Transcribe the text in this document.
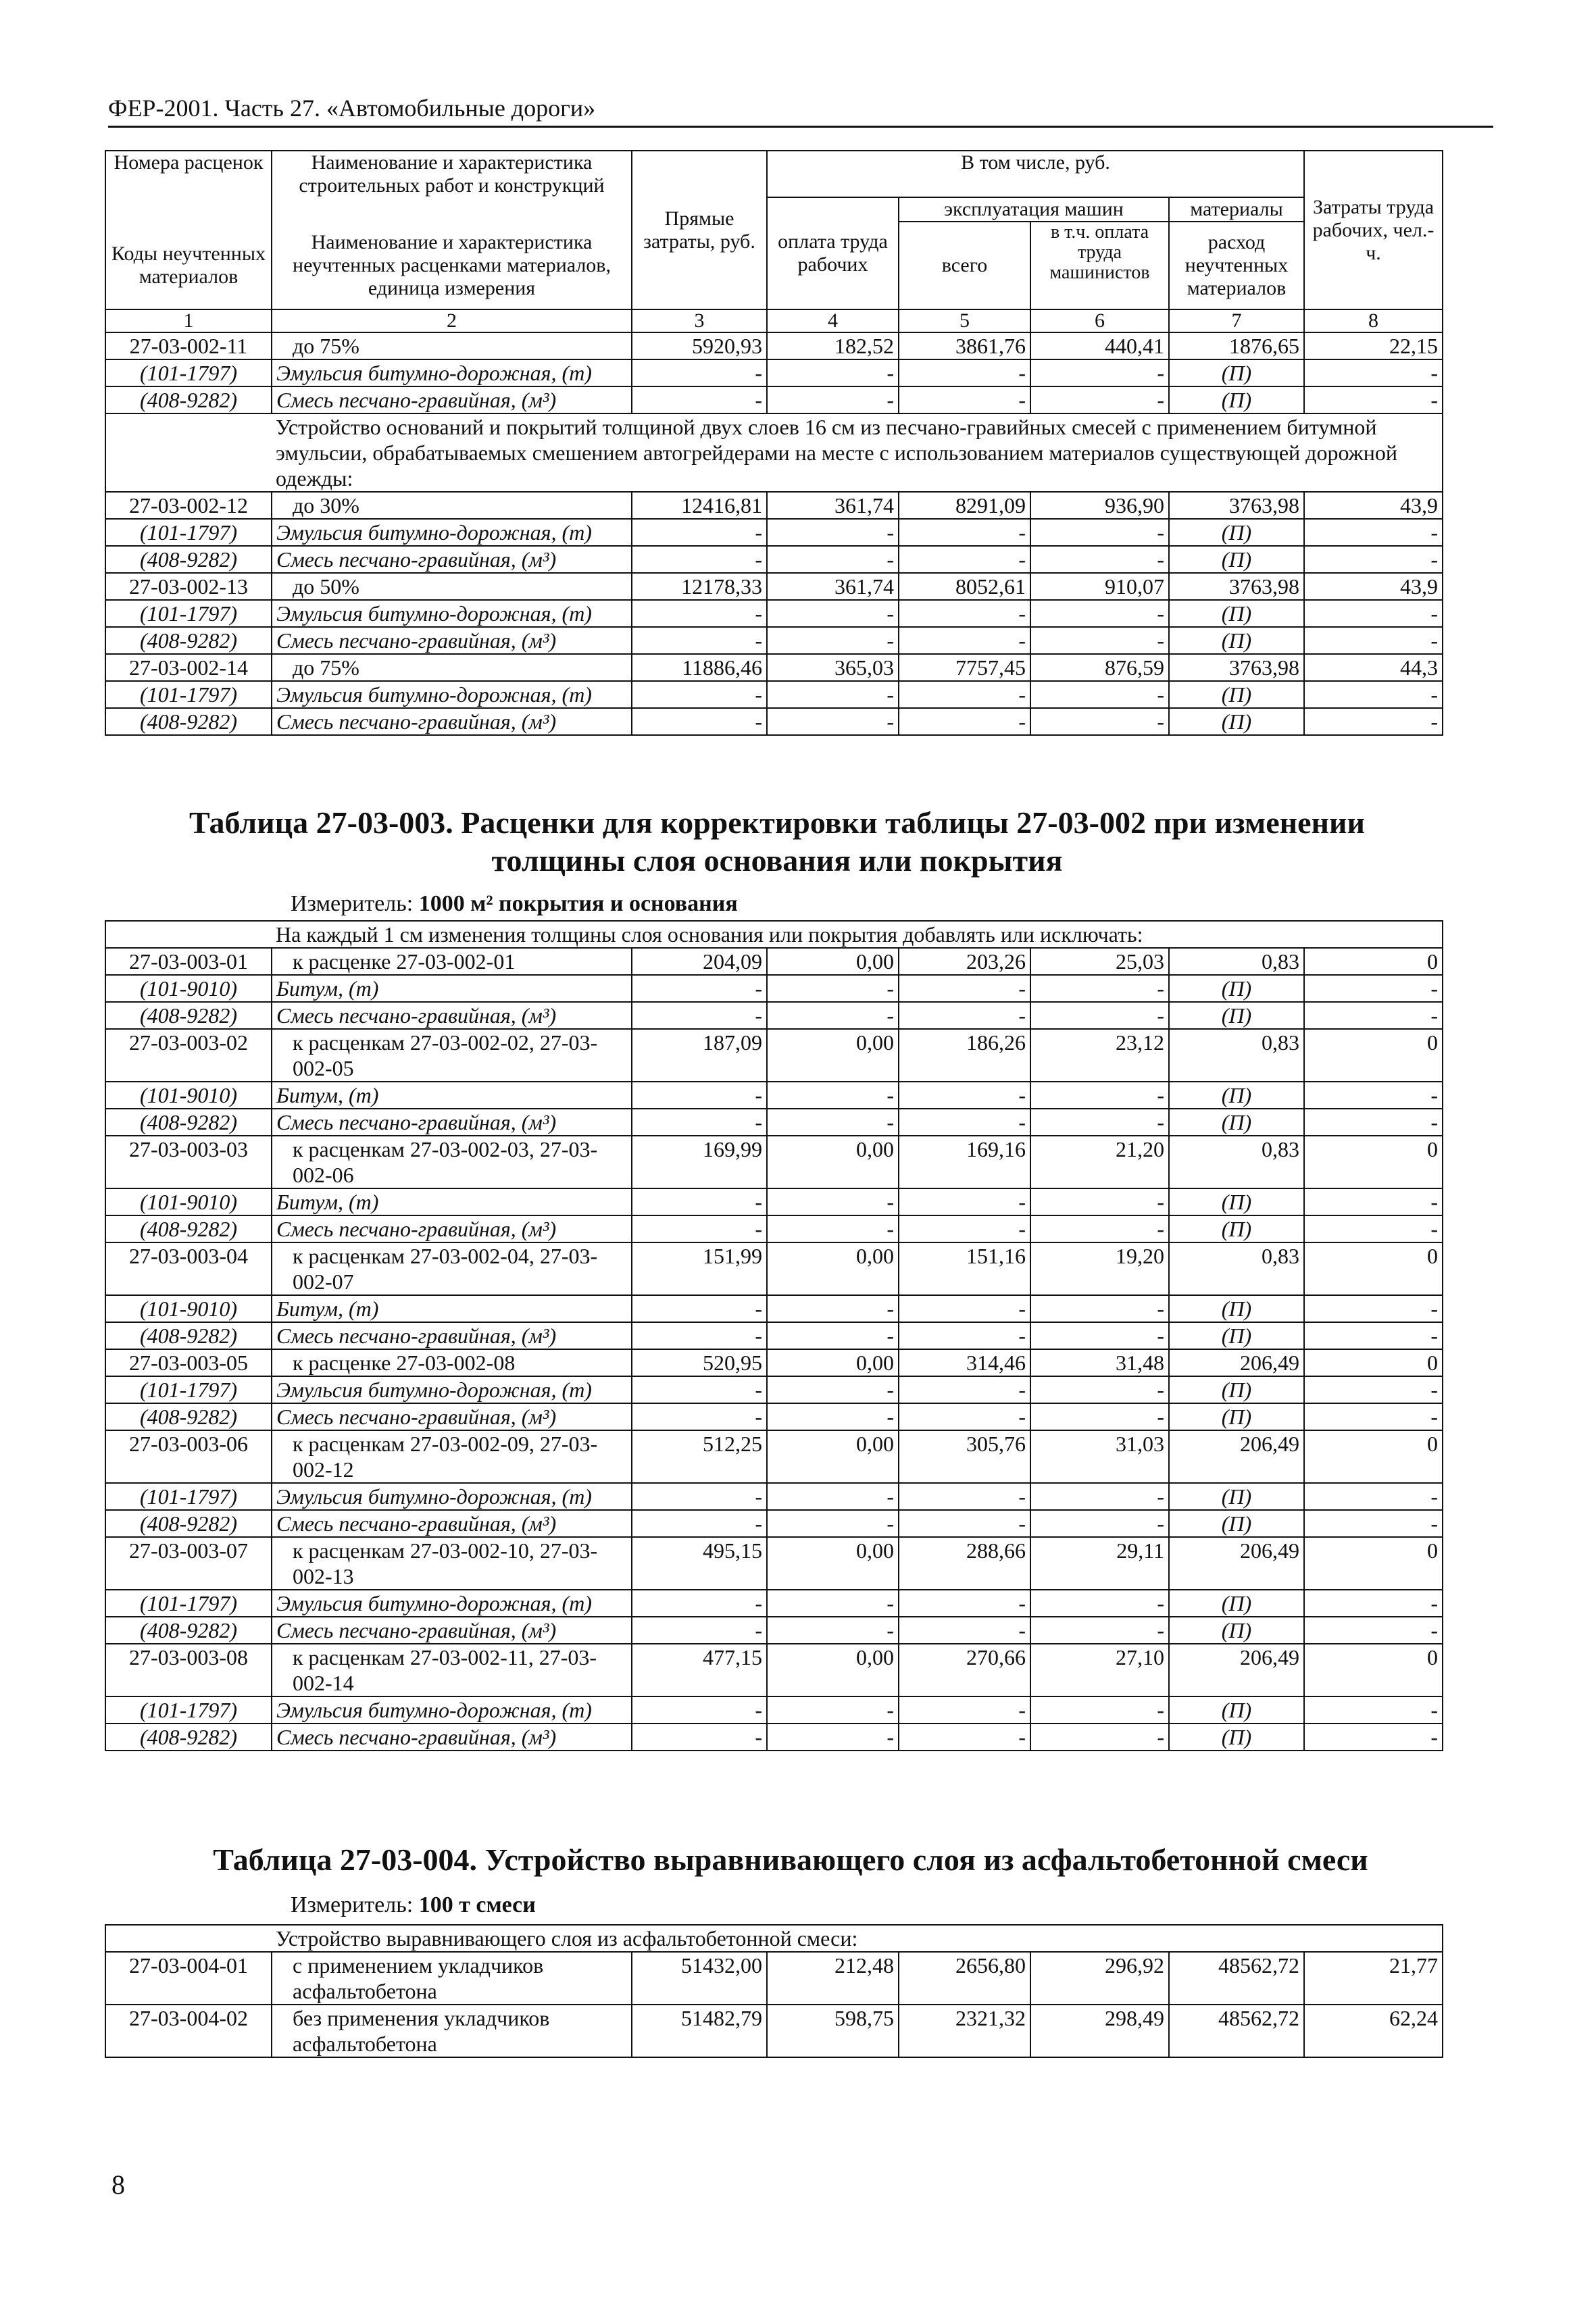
ФЕР-2001. Часть 27. «Автомобильные дороги»
Номера расценок	Наименование и характеристика строительных работ и конструкций	Прямые затраты, руб.	В том числе, руб.				Затраты труда рабочих, чел.-ч.
			оплата труда рабочих	эксплуатация машин		материалы	
Коды неучтенных материалов	Наименование и характеристика неучтенных расценками материалов, единица измерения			всего	в т.ч. оплата труда машинистов	расход неучтенных материалов	
1	2	3	4	5	6	7	8
27-03-002-11	до 75%	5920,93	182,52	3861,76	440,41	1876,65	22,15
(101-1797)	Эмульсия битумно-дорожная, (т)	-	-	-	-	(П)	-
(408-9282)	Смесь песчано-гравийная, (м³)	-	-	-	-	(П)	-
	Устройство оснований и покрытий толщиной двух слоев 16 см из песчано-гравийных смесей с применением битумной эмульсии, обрабатываемых смешением автогрейдерами на месте с использованием материалов существующей дорожной одежды:						
27-03-002-12	до 30%	12416,81	361,74	8291,09	936,90	3763,98	43,9
(101-1797)	Эмульсия битумно-дорожная, (т)	-	-	-	-	(П)	-
(408-9282)	Смесь песчано-гравийная, (м³)	-	-	-	-	(П)	-
27-03-002-13	до 50%	12178,33	361,74	8052,61	910,07	3763,98	43,9
(101-1797)	Эмульсия битумно-дорожная, (т)	-	-	-	-	(П)	-
(408-9282)	Смесь песчано-гравийная, (м³)	-	-	-	-	(П)	-
27-03-002-14	до 75%	11886,46	365,03	7757,45	876,59	3763,98	44,3
(101-1797)	Эмульсия битумно-дорожная, (т)	-	-	-	-	(П)	-
(408-9282)	Смесь песчано-гравийная, (м³)	-	-	-	-	(П)	-
Таблица 27-03-003. Расценки для корректировки таблицы 27-03-002 при изменении толщины слоя основания или покрытия
Измеритель: 1000 м² покрытия и основания
	На каждый 1 см изменения толщины слоя основания или покрытия добавлять или исключать:						
27-03-003-01	к расценке 27-03-002-01	204,09	0,00	203,26	25,03	0,83	0
(101-9010)	Битум, (т)	-	-	-	-	(П)	-
(408-9282)	Смесь песчано-гравийная, (м³)	-	-	-	-	(П)	-
27-03-003-02	к расценкам 27-03-002-02, 27-03-002-05	187,09	0,00	186,26	23,12	0,83	0
(101-9010)	Битум, (т)	-	-	-	-	(П)	-
(408-9282)	Смесь песчано-гравийная, (м³)	-	-	-	-	(П)	-
27-03-003-03	к расценкам 27-03-002-03, 27-03-002-06	169,99	0,00	169,16	21,20	0,83	0
(101-9010)	Битум, (т)	-	-	-	-	(П)	-
(408-9282)	Смесь песчано-гравийная, (м³)	-	-	-	-	(П)	-
27-03-003-04	к расценкам 27-03-002-04, 27-03-002-07	151,99	0,00	151,16	19,20	0,83	0
(101-9010)	Битум, (т)	-	-	-	-	(П)	-
(408-9282)	Смесь песчано-гравийная, (м³)	-	-	-	-	(П)	-
27-03-003-05	к расценке 27-03-002-08	520,95	0,00	314,46	31,48	206,49	0
(101-1797)	Эмульсия битумно-дорожная, (т)	-	-	-	-	(П)	-
(408-9282)	Смесь песчано-гравийная, (м³)	-	-	-	-	(П)	-
27-03-003-06	к расценкам 27-03-002-09, 27-03-002-12	512,25	0,00	305,76	31,03	206,49	0
(101-1797)	Эмульсия битумно-дорожная, (т)	-	-	-	-	(П)	-
(408-9282)	Смесь песчано-гравийная, (м³)	-	-	-	-	(П)	-
27-03-003-07	к расценкам 27-03-002-10, 27-03-002-13	495,15	0,00	288,66	29,11	206,49	0
(101-1797)	Эмульсия битумно-дорожная, (т)	-	-	-	-	(П)	-
(408-9282)	Смесь песчано-гравийная, (м³)	-	-	-	-	(П)	-
27-03-003-08	к расценкам 27-03-002-11, 27-03-002-14	477,15	0,00	270,66	27,10	206,49	0
(101-1797)	Эмульсия битумно-дорожная, (т)	-	-	-	-	(П)	-
(408-9282)	Смесь песчано-гравийная, (м³)	-	-	-	-	(П)	-
Таблица 27-03-004. Устройство выравнивающего слоя из асфальтобетонной смеси
Измеритель: 100 т смеси
	Устройство выравнивающего слоя из асфальтобетонной смеси:						
27-03-004-01	с применением укладчиков асфальтобетона	51432,00	212,48	2656,80	296,92	48562,72	21,77
27-03-004-02	без применения укладчиков асфальтобетона	51482,79	598,75	2321,32	298,49	48562,72	62,24
8
